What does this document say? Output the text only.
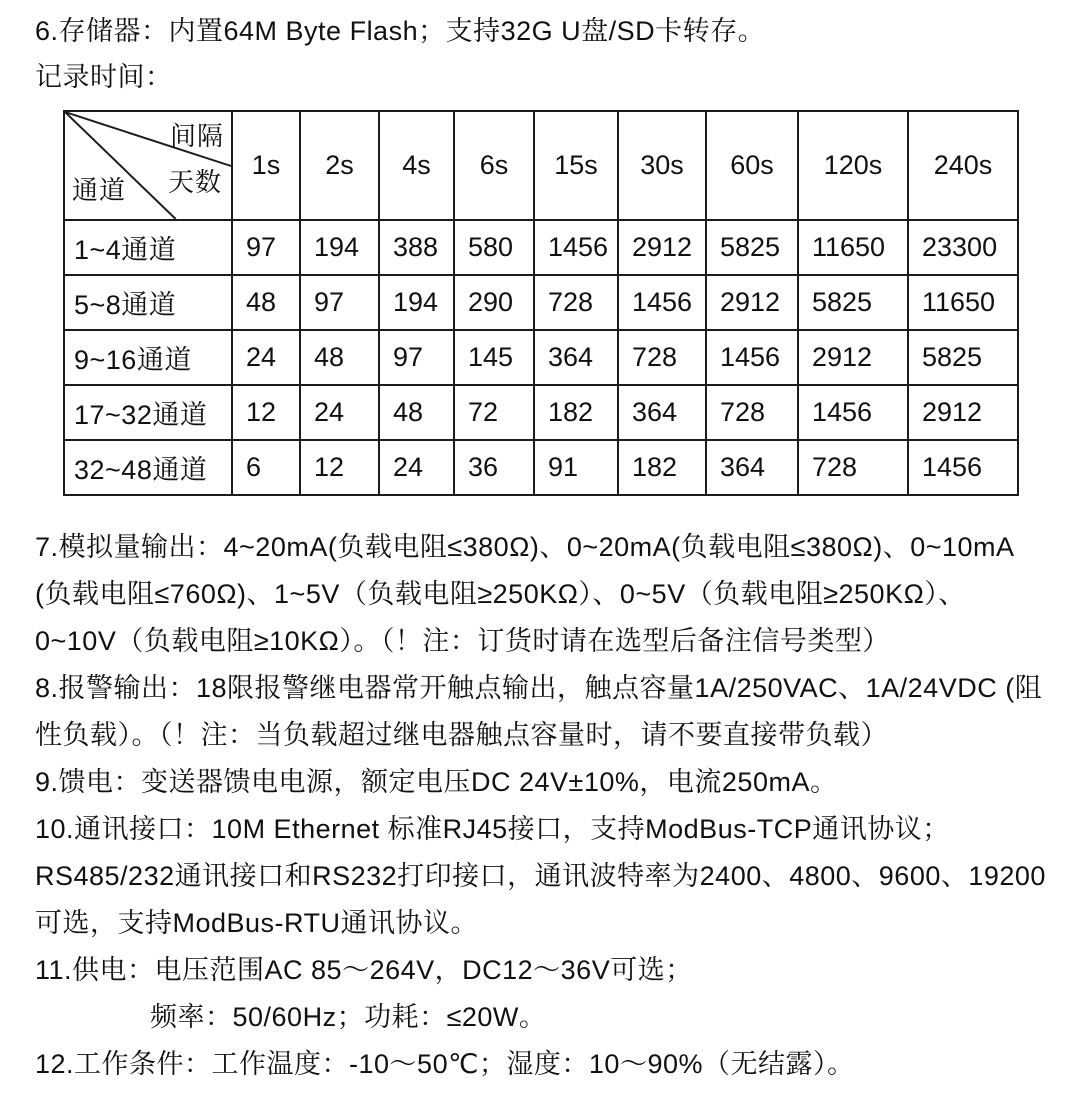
6.存储器：内置64M Byte Flash；支持32G U盘/SD卡转存。
记录时间：
间隔
天数
通道	1s	2s	4s	6s	15s	30s	60s	120s	240s
1~4通道	97	194	388	580	1456	2912	5825	11650	23300
5~8通道	48	97	194	290	728	1456	2912	5825	11650
9~16通道	24	48	97	145	364	728	1456	2912	5825
17~32通道	12	24	48	72	182	364	728	1456	2912
32~48通道	6	12	24	36	91	182	364	728	1456
7.模拟量输出：4~20mA(负载电阻≤380Ω)、0~20mA(负载电阻≤380Ω)、0~10mA
(负载电阻≤760Ω)、1~5V（负载电阻≥250KΩ）、0~5V（负载电阻≥250KΩ）、
0~10V（负载电阻≥10KΩ）。（！注：订货时请在选型后备注信号类型）
8.报警输出：18限报警继电器常开触点输出，触点容量1A/250VAC、1A/24VDC (阻
性负载）。（！注：当负载超过继电器触点容量时，请不要直接带负载）
9.馈电：变送器馈电电源，额定电压DC 24V±10%，电流250mA。
10.通讯接口：10M Ethernet 标准RJ45接口，支持ModBus-TCP通讯协议；
RS485/232通讯接口和RS232打印接口，通讯波特率为2400、4800、9600、19200
可选，支持ModBus-RTU通讯协议。
11.供电：电压范围AC 85～264V，DC12～36V可选；
频率：50/60Hz；功耗：≤20W。
12.工作条件：工作温度：-10～50℃；湿度：10～90%（无结露）。
